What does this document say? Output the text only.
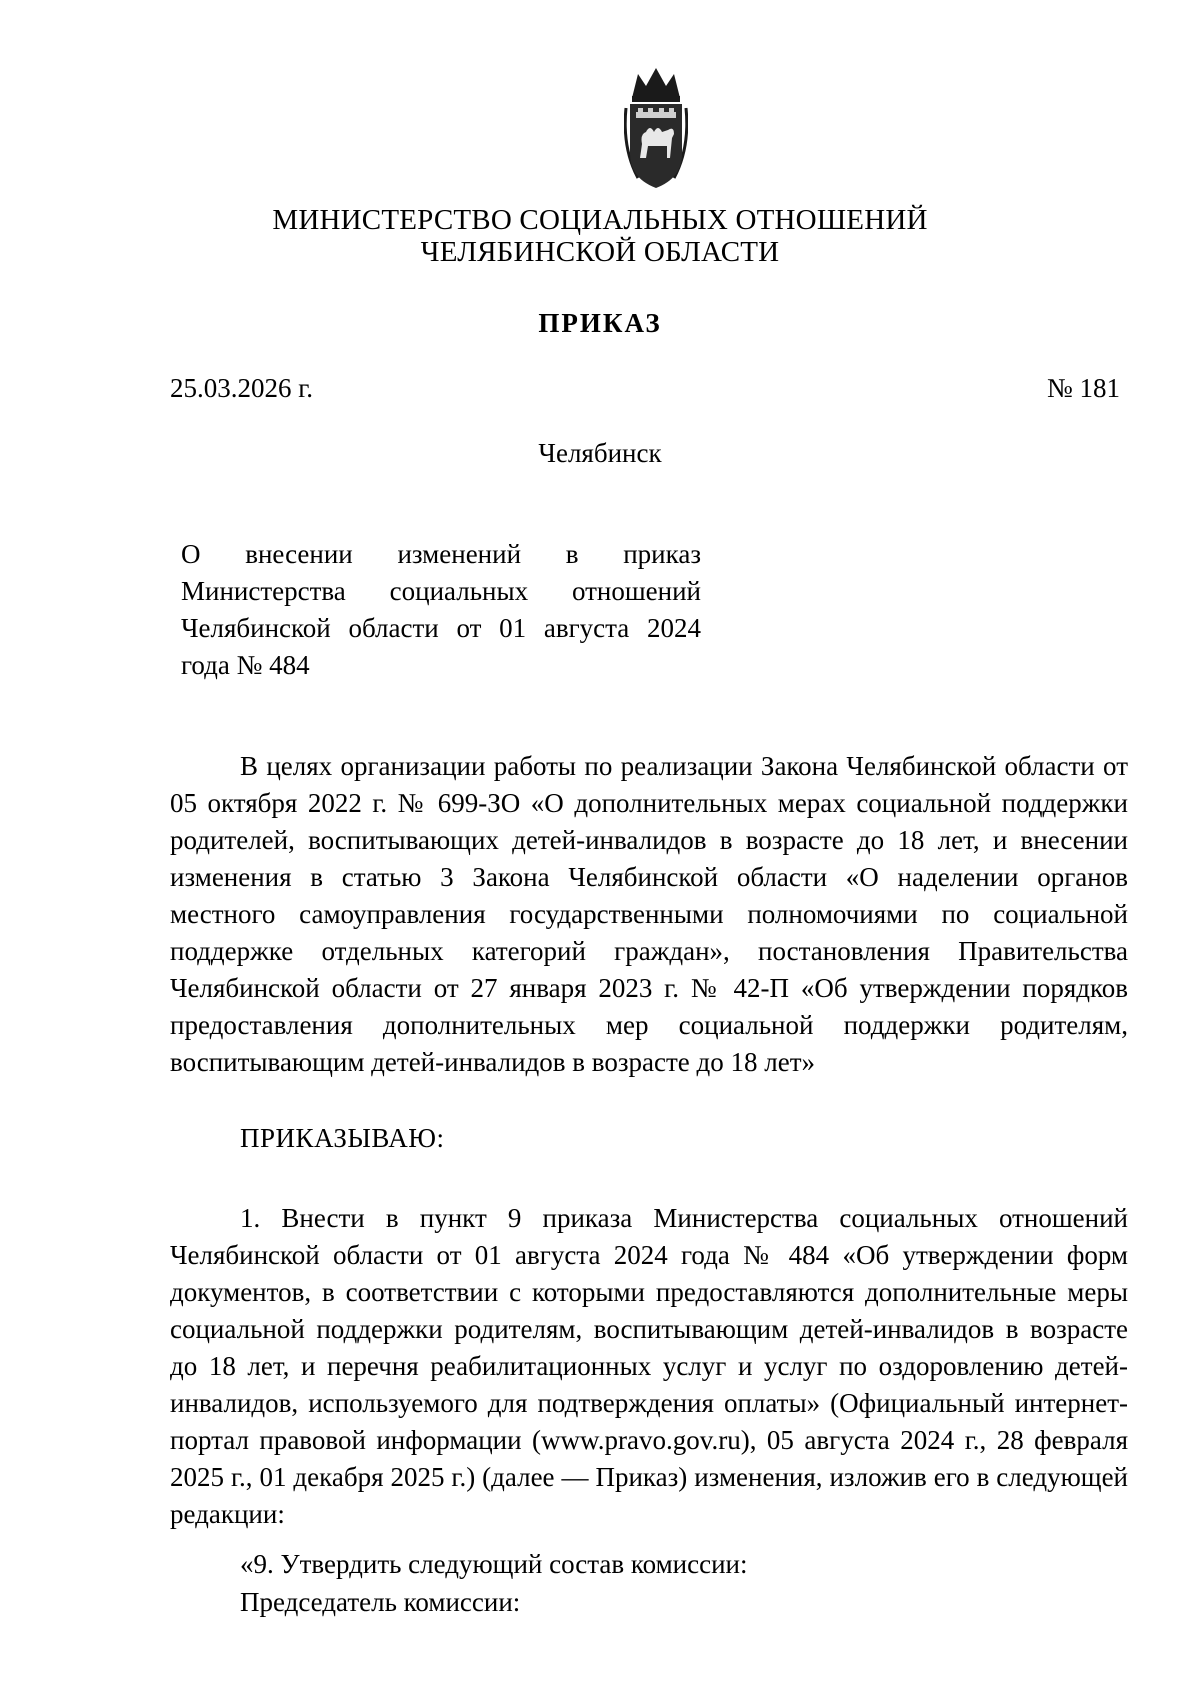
МИНИСТЕРСТВО СОЦИАЛЬНЫХ ОТНОШЕНИЙ
ЧЕЛЯБИНСКОЙ ОБЛАСТИ
ПРИКАЗ
25.03.2026 г.	№ 181
Челябинск
О внесении изменений в приказ
Министерства социальных отношений
Челябинской области от 01 августа 2024
года № 484
В целях организации работы по реализации Закона Челябинской области от 05 октября 2022 г. № 699-ЗО «О дополнительных мерах социальной поддержки родителей, воспитывающих детей-инвалидов в возрасте до 18 лет, и внесении изменения в статью 3 Закона Челябинской области «О наделении органов местного самоуправления государственными полномочиями по социальной поддержке отдельных категорий граждан», постановления Правительства Челябинской области от 27 января 2023 г. № 42-П «Об утверждении порядков предоставления дополнительных мер социальной поддержки родителям, воспитывающим детей-инвалидов в возрасте до 18 лет»
ПРИКАЗЫВАЮ:
1. Внести в пункт 9 приказа Министерства социальных отношений Челябинской области от 01 августа 2024 года № 484 «Об утверждении форм документов, в соответствии с которыми предоставляются дополнительные меры социальной поддержки родителям, воспитывающим детей-инвалидов в возрасте до 18 лет, и перечня реабилитационных услуг и услуг по оздоровлению детей-инвалидов, используемого для подтверждения оплаты» (Официальный интернет-портал правовой информации (www.pravo.gov.ru), 05 августа 2024 г., 28 февраля 2025 г., 01 декабря 2025 г.) (далее — Приказ) изменения, изложив его в следующей редакции:
«9. Утвердить следующий состав комиссии:
Председатель комиссии:
